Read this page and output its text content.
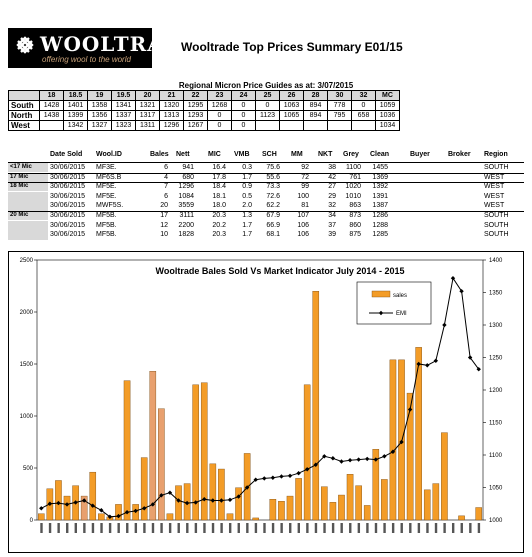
WOOLTRADE
offering wool to the world
Wooltrade Top Prices Summary E01/15
Regional Micron Price Guides as at: 3/07/2015
	18	18.5	19	19.5	20	21	22	23	24	25	26	28	30	32	MC
South	1428	1401	1358	1341	1321	1320	1295	1268	0	0	1063	894	778	0	1059
North	1438	1399	1356	1337	1317	1313	1293	0	0	1123	1065	894	795	658	1036
West		1342	1327	1323	1311	1296	1267	0	0						1034
Date Sold Wool.ID	Bales Nett	MIC VMB SCH MM NKT Grey Clean	Buyer	Broker Region
<17 Mic	30/06/2015 MF3E.	6	941	16.4	0.3	75.6	92	38	1100	1455	SOUTH
17 Mic	30/06/2015 MF6S.B	4	680	17.8	1.7	55.6	72	42	761	1369	WEST
18 Mic	30/06/2015 MF5E.	7	1296	18.4	0.9	73.3	99	27	1020	1392	WEST
30/06/2015 MF5E.	6	1084	18.1	0.5	72.6	100	29	1010	1391	WEST
30/06/2015 MWF5S.	20	3559	18.0	2.0	62.2	81	32	863	1387	WEST
20 Mic	30/06/2015 MF5B.	17	3111	20.3	1.3	67.9	107	34	873	1286	SOUTH
30/06/2015 MF5B.	12	2200	20.2	1.7	66.9	106	37	860	1288	SOUTH
30/06/2015 MF5B.	10	1828	20.3	1.7	68.1	106	39	875	1285	SOUTH
0
500
1000
1500
2000
2500
1000
1050
1100
1150
1200
1250
1300
1350
1400
Wooltrade Bales Sold Vs Market Indicator July 2014 - 2015
sales
EMI
